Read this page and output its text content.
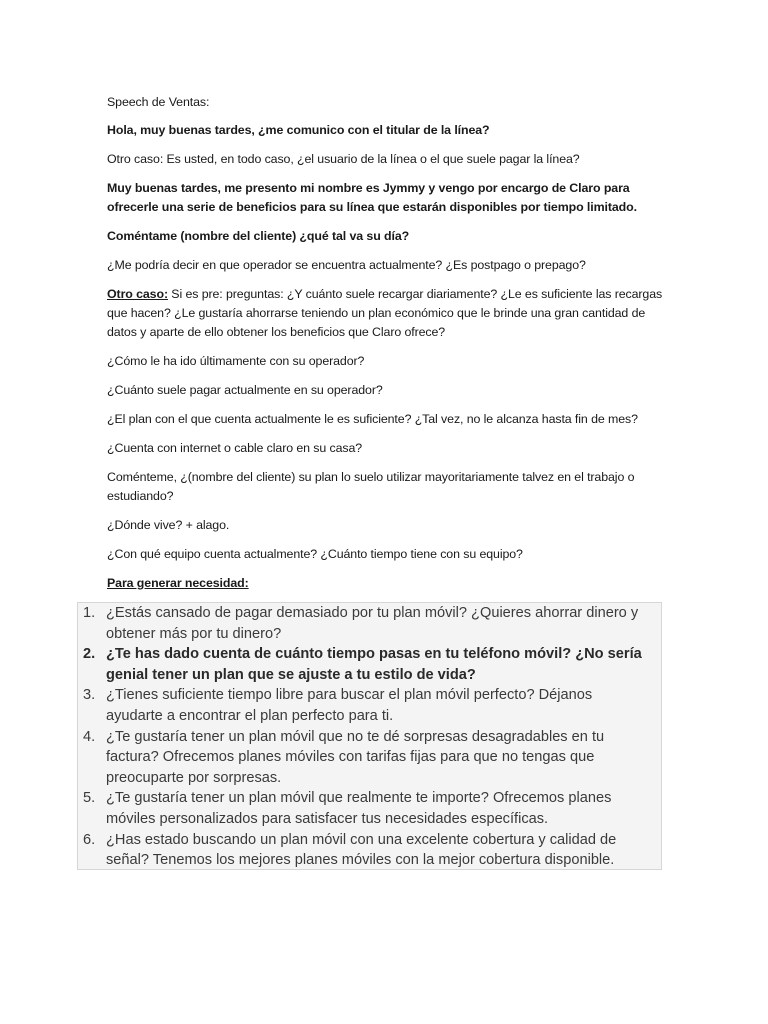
Speech de Ventas:

Hola, muy buenas tardes, ¿me comunico con el titular de la línea?

Otro caso: Es usted, en todo caso, ¿el usuario de la línea o el que suele pagar la línea?

Muy buenas tardes, me presento mi nombre es Jymmy y vengo por encargo de Claro para ofrecerle una serie de beneficios para su línea que estarán disponibles por tiempo limitado.

Coméntame (nombre del cliente) ¿qué tal va su día?

¿Me podría decir en que operador se encuentra actualmente? ¿Es postpago o prepago?

Otro caso: Si es pre: preguntas: ¿Y cuánto suele recargar diariamente? ¿Le es suficiente las recargas que hacen? ¿Le gustaría ahorrarse teniendo un plan económico que le brinde una gran cantidad de datos y aparte de ello obtener los beneficios que Claro ofrece?

¿Cómo le ha ido últimamente con su operador?

¿Cuánto suele pagar actualmente en su operador?

¿El plan con el que cuenta actualmente le es suficiente? ¿Tal vez, no le alcanza hasta fin de mes?

¿Cuenta con internet o cable claro en su casa?

Coménteme, ¿(nombre del cliente) su plan lo suelo utilizar mayoritariamente talvez en el trabajo o estudiando?

¿Dónde vive? + alago.

¿Con qué equipo cuenta actualmente? ¿Cuánto tiempo tiene con su equipo?

Para generar necesidad:

1. ¿Estás cansado de pagar demasiado por tu plan móvil? ¿Quieres ahorrar dinero y obtener más por tu dinero?
2. ¿Te has dado cuenta de cuánto tiempo pasas en tu teléfono móvil? ¿No sería genial tener un plan que se ajuste a tu estilo de vida?
3. ¿Tienes suficiente tiempo libre para buscar el plan móvil perfecto? Déjanos ayudarte a encontrar el plan perfecto para ti.
4. ¿Te gustaría tener un plan móvil que no te dé sorpresas desagradables en tu factura? Ofrecemos planes móviles con tarifas fijas para que no tengas que preocuparte por sorpresas.
5. ¿Te gustaría tener un plan móvil que realmente te importe? Ofrecemos planes móviles personalizados para satisfacer tus necesidades específicas.
6. ¿Has estado buscando un plan móvil con una excelente cobertura y calidad de señal? Tenemos los mejores planes móviles con la mejor cobertura disponible.
